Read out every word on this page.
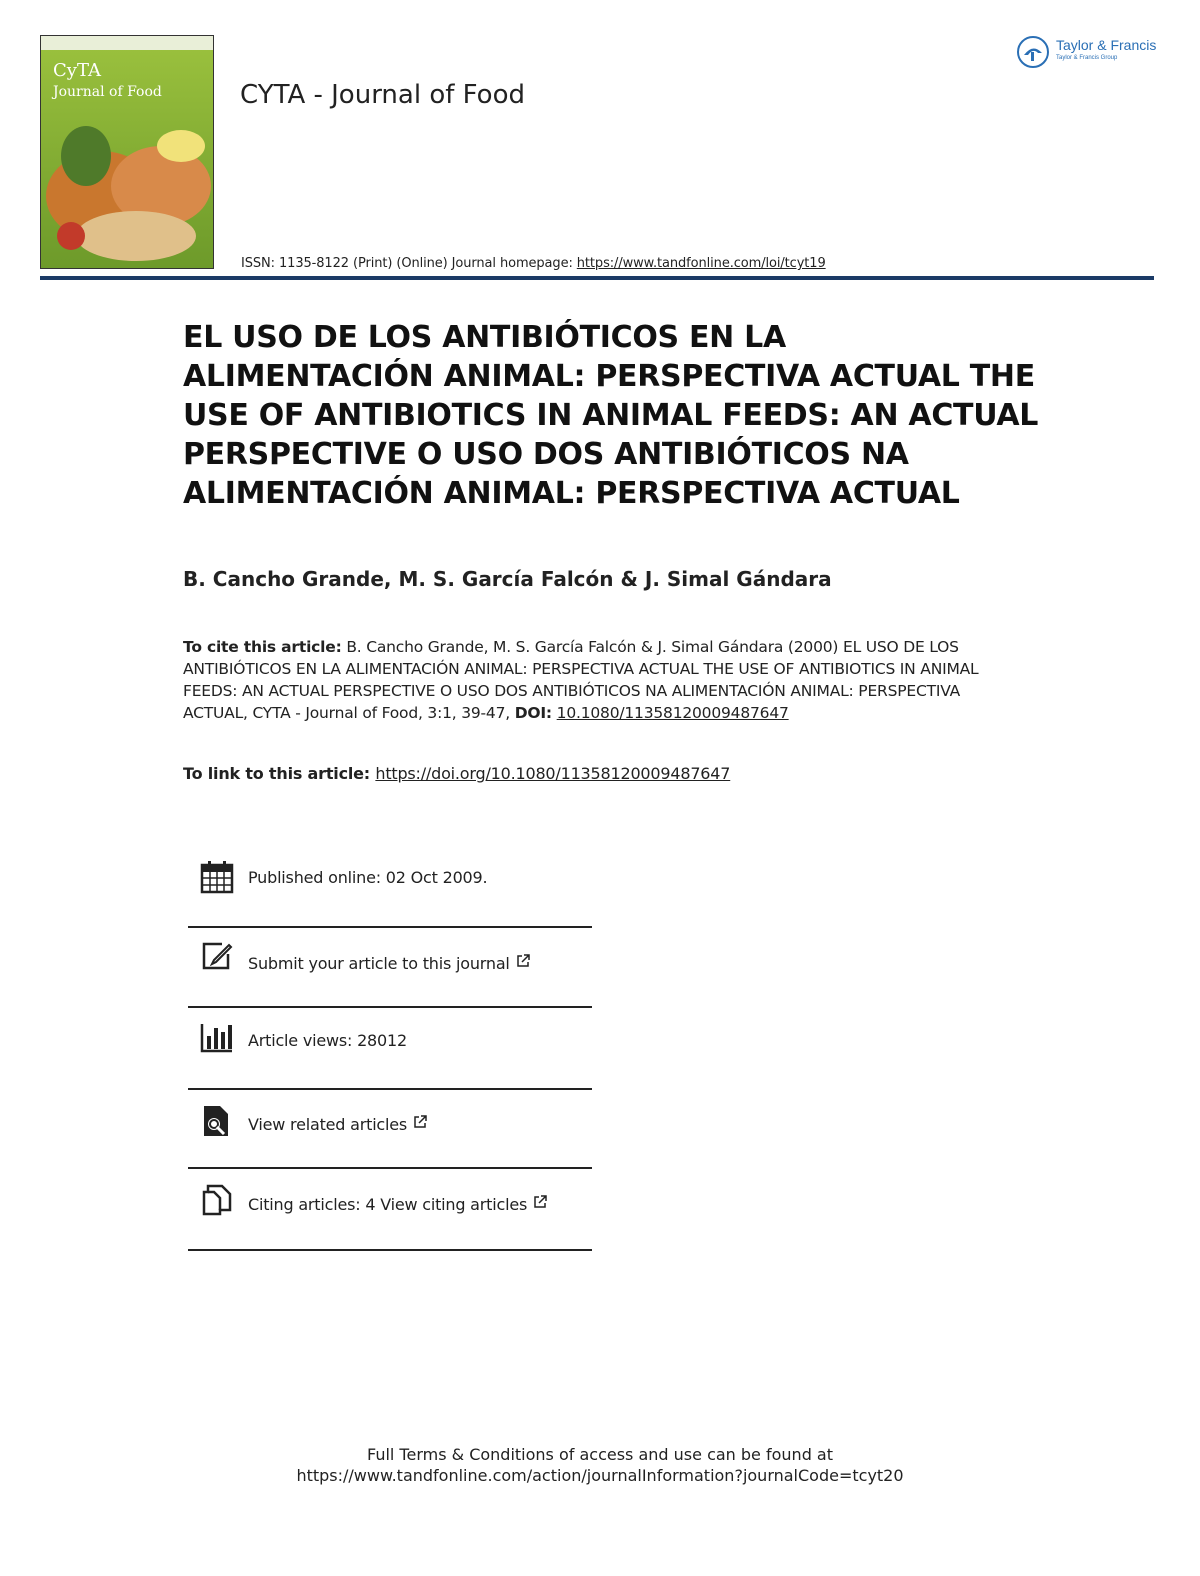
CyTA
Journal of Food	CYTA - Journal of Food
ISSN: 1135-8122 (Print) (Online) Journal homepage: https://www.tandfonline.com/loi/tcyt19
Taylor & Francis
Taylor & Francis Group
EL USO DE LOS ANTIBIÓTICOS EN LA ALIMENTACIÓN ANIMAL: PERSPECTIVA ACTUAL THE USE OF ANTIBIOTICS IN ANIMAL FEEDS: AN ACTUAL PERSPECTIVE O USO DOS ANTIBIÓTICOS NA ALIMENTACIÓN ANIMAL: PERSPECTIVA ACTUAL
B. Cancho Grande, M. S. García Falcón & J. Simal Gándara
To cite this article: B. Cancho Grande, M. S. García Falcón & J. Simal Gándara (2000) EL USO DE LOS ANTIBIÓTICOS EN LA ALIMENTACIÓN ANIMAL: PERSPECTIVA ACTUAL THE USE OF ANTIBIOTICS IN ANIMAL FEEDS: AN ACTUAL PERSPECTIVE O USO DOS ANTIBIÓTICOS NA ALIMENTACIÓN ANIMAL: PERSPECTIVA ACTUAL, CYTA - Journal of Food, 3:1, 39-47, DOI: 10.1080/11358120009487647
To link to this article: https://doi.org/10.1080/11358120009487647
Published online: 02 Oct 2009.
Submit your article to this journal
Article views: 28012
View related articles
Citing articles: 4 View citing articles
Full Terms & Conditions of access and use can be found at
https://www.tandfonline.com/action/journalInformation?journalCode=tcyt20
